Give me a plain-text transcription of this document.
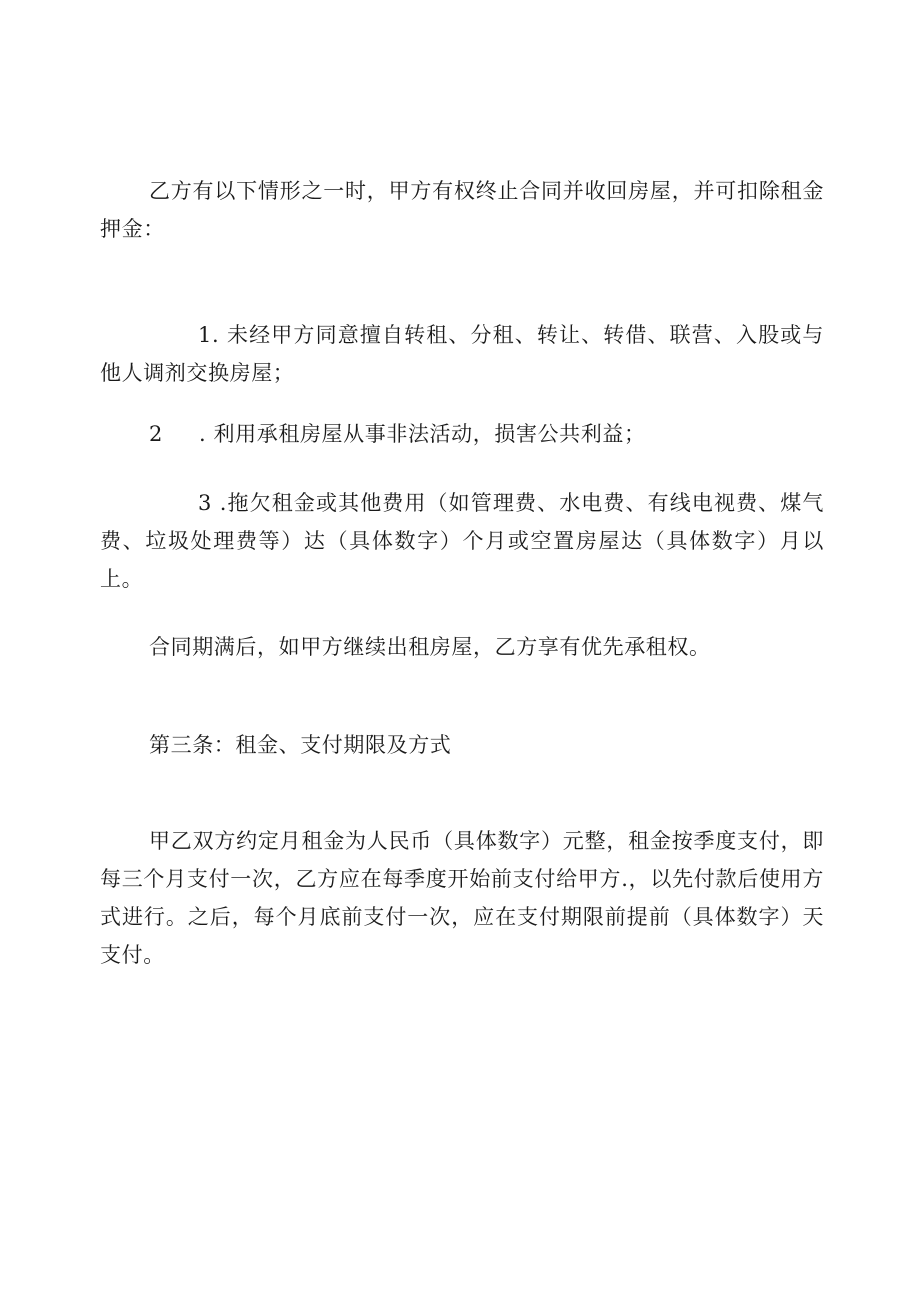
乙方有以下情形之一时，甲方有权终止合同并收回房屋，并可扣除租金押金：

1. 未经甲方同意擅自转租、分租、转让、转借、联营、入股或与他人调剂交换房屋；

2 . 利用承租房屋从事非法活动，损害公共利益；

3 .拖欠租金或其他费用（如管理费、水电费、有线电视费、煤气费、垃圾处理费等）达（具体数字）个月或空置房屋达（具体数字）月以上。

合同期满后，如甲方继续出租房屋，乙方享有优先承租权。

第三条：租金、支付期限及方式

甲乙双方约定月租金为人民币（具体数字）元整，租金按季度支付，即每三个月支付一次，乙方应在每季度开始前支付给甲方.，以先付款后使用方式进行。之后，每个月底前支付一次，应在支付期限前提前（具体数字）天支付。
